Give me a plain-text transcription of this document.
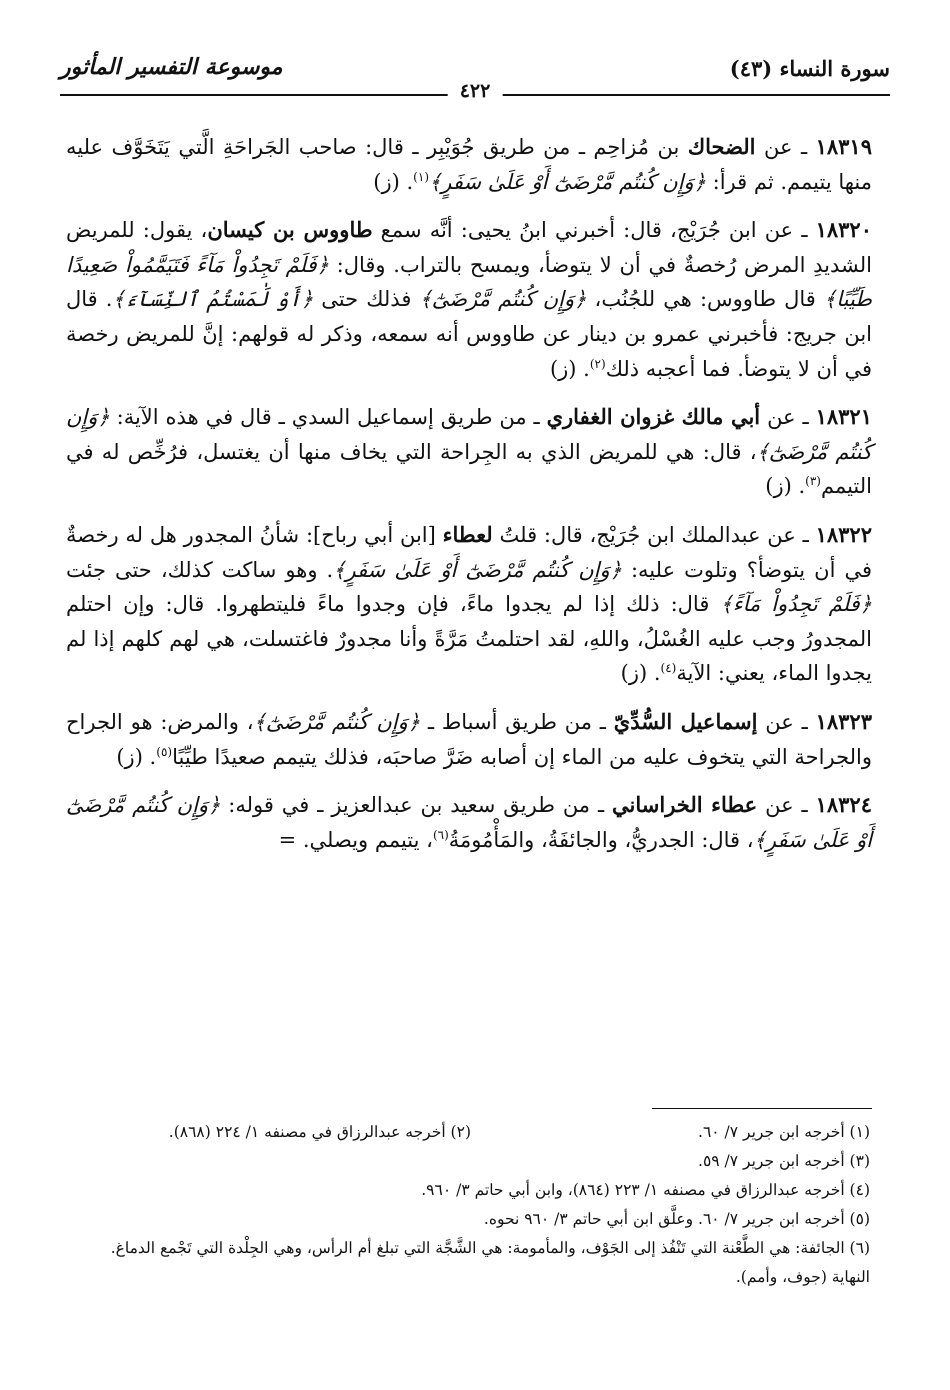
سورة النساء (٤٣)
موسوعة التفسير المأثور
٤٢٢

١٨٣١٩ ـ عن الضحاك بن مُزاحِم ـ من طريق جُوَيْبِر ـ قال: صاحب الجَراحَةِ الَّتي يَتَخَوَّف عليه منها يتيمم. ثم قرأ: ﴿وَإِن كُنتُم مَّرْضَىٰٓ أَوْ عَلَىٰ سَفَرٍ﴾$^{(١)}$. (ز)

١٨٣٢٠ ـ عن ابن جُرَيْج، قال: أخبرني ابنُ يحيى: أنَّه سمع طاووس بن كيسان، يقول: للمريض الشديدِ المرض رُخصةٌ في أن لا يتوضأ، ويمسح بالتراب. وقال: ﴿فَلَمْ تَجِدُواْ مَآءً فَتَيَمَّمُواْ صَعِيدًا طَيِّبًا﴾ قال طاووس: هي للجُنُب، ﴿وَإِن كُنتُم مَّرْضَىٰٓ﴾ فذلك حتى ﴿أَوْ لَٰمَسْتُمُ ٱلنِّسَآءَ﴾. قال ابن جريج: فأخبرني عمرو بن دينار عن طاووس أنه سمعه، وذكر له قولهم: إنَّ للمريض رخصة في أن لا يتوضأ. فما أعجبه ذلك$^{(٢)}$. (ز)

١٨٣٢١ ـ عن أبي مالك غزوان الغفاري ـ من طريق إسماعيل السدي ـ قال في هذه الآية: ﴿وَإِن كُنتُم مَّرْضَىٰٓ﴾، قال: هي للمريض الذي به الجِراحة التي يخاف منها أن يغتسل، فرُخِّص له في التيمم$^{(٣)}$. (ز)

١٨٣٢٢ ـ عن عبدالملك ابن جُرَيْج، قال: قلتُ لعطاء [ابن أبي رباح]: شأنُ المجدور هل له رخصةٌ في أن يتوضأ؟ وتلوت عليه: ﴿وَإِن كُنتُم مَّرْضَىٰٓ أَوْ عَلَىٰ سَفَرٍ﴾. وهو ساكت كذلك، حتى جئت ﴿فَلَمْ تَجِدُواْ مَآءً﴾ قال: ذلك إذا لم يجدوا ماءً، فإن وجدوا ماءً فليتطهروا. قال: وإن احتلم المجدورُ وجب عليه الغُسْلُ، واللهِ، لقد احتلمتُ مَرَّةً وأنا مجدورٌ فاغتسلت، هي لهم كلهم إذا لم يجدوا الماء، يعني: الآية$^{(٤)}$. (ز)

١٨٣٢٣ ـ عن إسماعيل السُّدِّيّ ـ من طريق أسباط ـ ﴿وَإِن كُنتُم مَّرْضَىٰٓ﴾، والمرض: هو الجراح والجراحة التي يتخوف عليه من الماء إن أصابه ضَرَّ صاحبَه، فذلك يتيمم صعيدًا طيِّبًا$^{(٥)}$. (ز)

١٨٣٢٤ ـ عن عطاء الخراساني ـ من طريق سعيد بن عبدالعزيز ـ في قوله: ﴿وَإِن كُنتُم مَّرْضَىٰٓ أَوْ عَلَىٰ سَفَرٍ﴾، قال: الجدريُّ، والجائفَةُ، والمَأْمُومَةُ$^{(٦)}$، يتيمم ويصلي. =

(١) أخرجه ابن جرير ٧/ ٦٠.
(٢) أخرجه عبدالرزاق في مصنفه ١/ ٢٢٤ (٨٦٨).
(٣) أخرجه ابن جرير ٧/ ٥٩.
(٤) أخرجه عبدالرزاق في مصنفه ١/ ٢٢٣ (٨٦٤)، وابن أبي حاتم ٣/ ٩٦٠.
(٥) أخرجه ابن جرير ٧/ ٦٠. وعلَّق ابن أبي حاتم ٣/ ٩٦٠ نحوه.
(٦) الجائفة: هي الطَّعْنة التي تَنْفُذ إلى الجَوْف، والمأمومة: هي الشَّجَّة التي تبلغ أم الرأس، وهي الجِلْدة التي تَجْمع الدماغ. النهاية (جوف، وأمم).
